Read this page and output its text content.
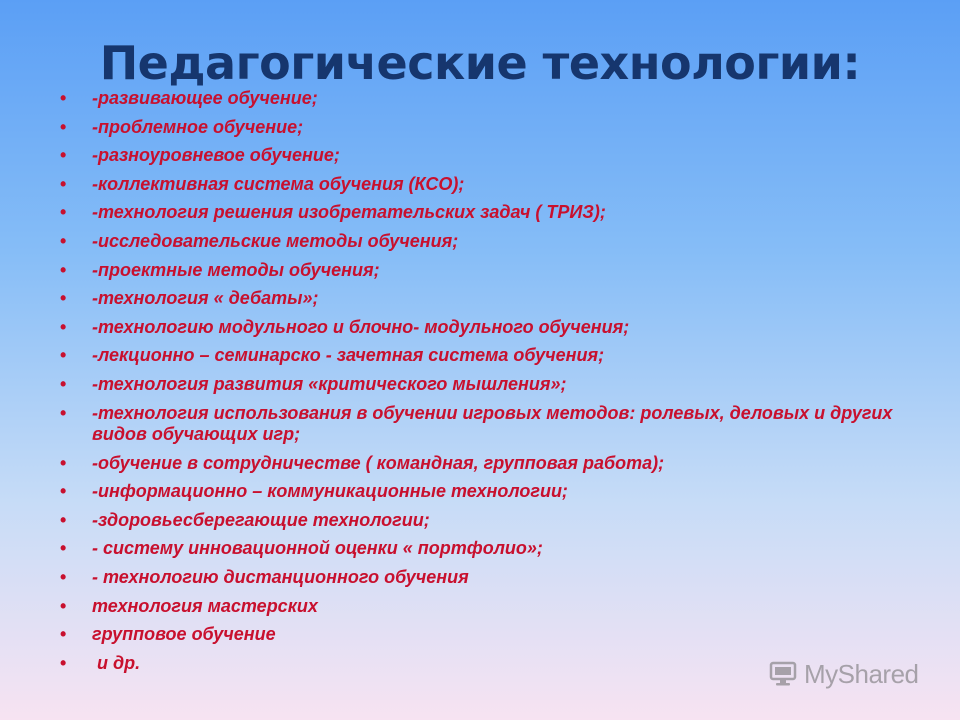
Педагогические технологии:
• -развивающее обучение;
• -проблемное обучение;
• -разноуровневое обучение;
• -коллективная система обучения (КСО);
• -технология решения изобретательских задач ( ТРИЗ);
• -исследовательские методы обучения;
• -проектные методы обучения;
• -технология « дебаты»;
• -технологию модульного и блочно- модульного обучения;
• -лекционно – семинарско - зачетная система обучения;
• -технология развития «критического мышления»;
• -технология использования в обучении игровых методов: ролевых, деловых и других видов обучающих игр;
• -обучение в сотрудничестве ( командная, групповая работа);
• -информационно – коммуникационные технологии;
• -здоровьесберегающие технологии;
• - систему инновационной оценки « портфолио»;
• - технологию дистанционного обучения
• технология мастерских
• групповое обучение
• и др.	MyShared
